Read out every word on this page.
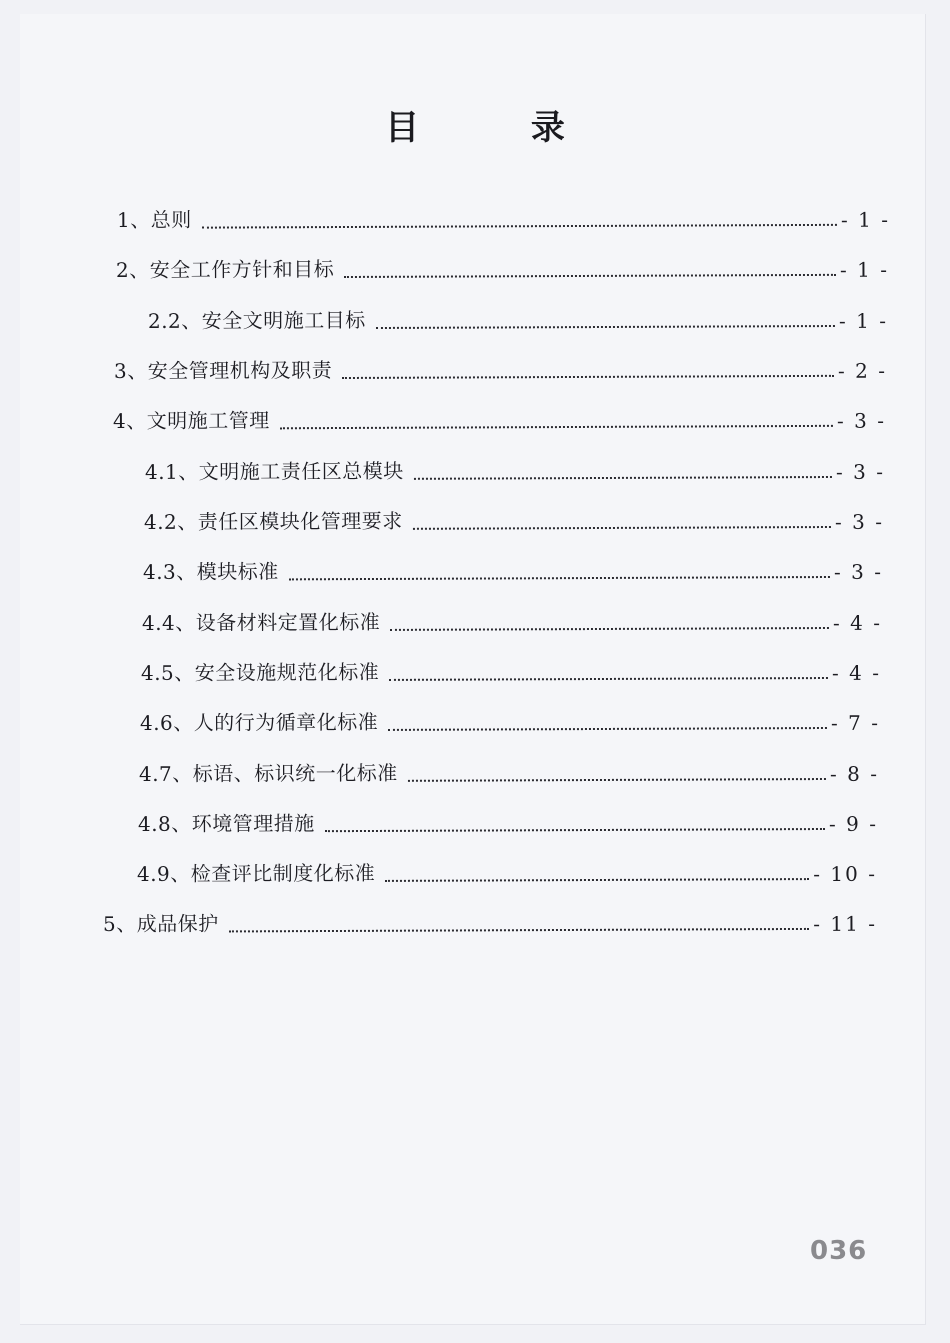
目 录
1、总则	- 1 -
2、安全工作方针和目标	- 1 -
2.2、安全文明施工目标	- 1 -
3、安全管理机构及职责	- 2 -
4、文明施工管理	- 3 -
4.1、文明施工责任区总模块	- 3 -
4.2、责任区模块化管理要求	- 3 -
4.3、模块标准	- 3 -
4.4、设备材料定置化标准	- 4 -
4.5、安全设施规范化标准	- 4 -
4.6、人的行为循章化标准	- 7 -
4.7、标语、标识统一化标准	- 8 -
4.8、环境管理措施	- 9 -
4.9、检查评比制度化标准	- 10 -
5、成品保护	- 11 -
036
